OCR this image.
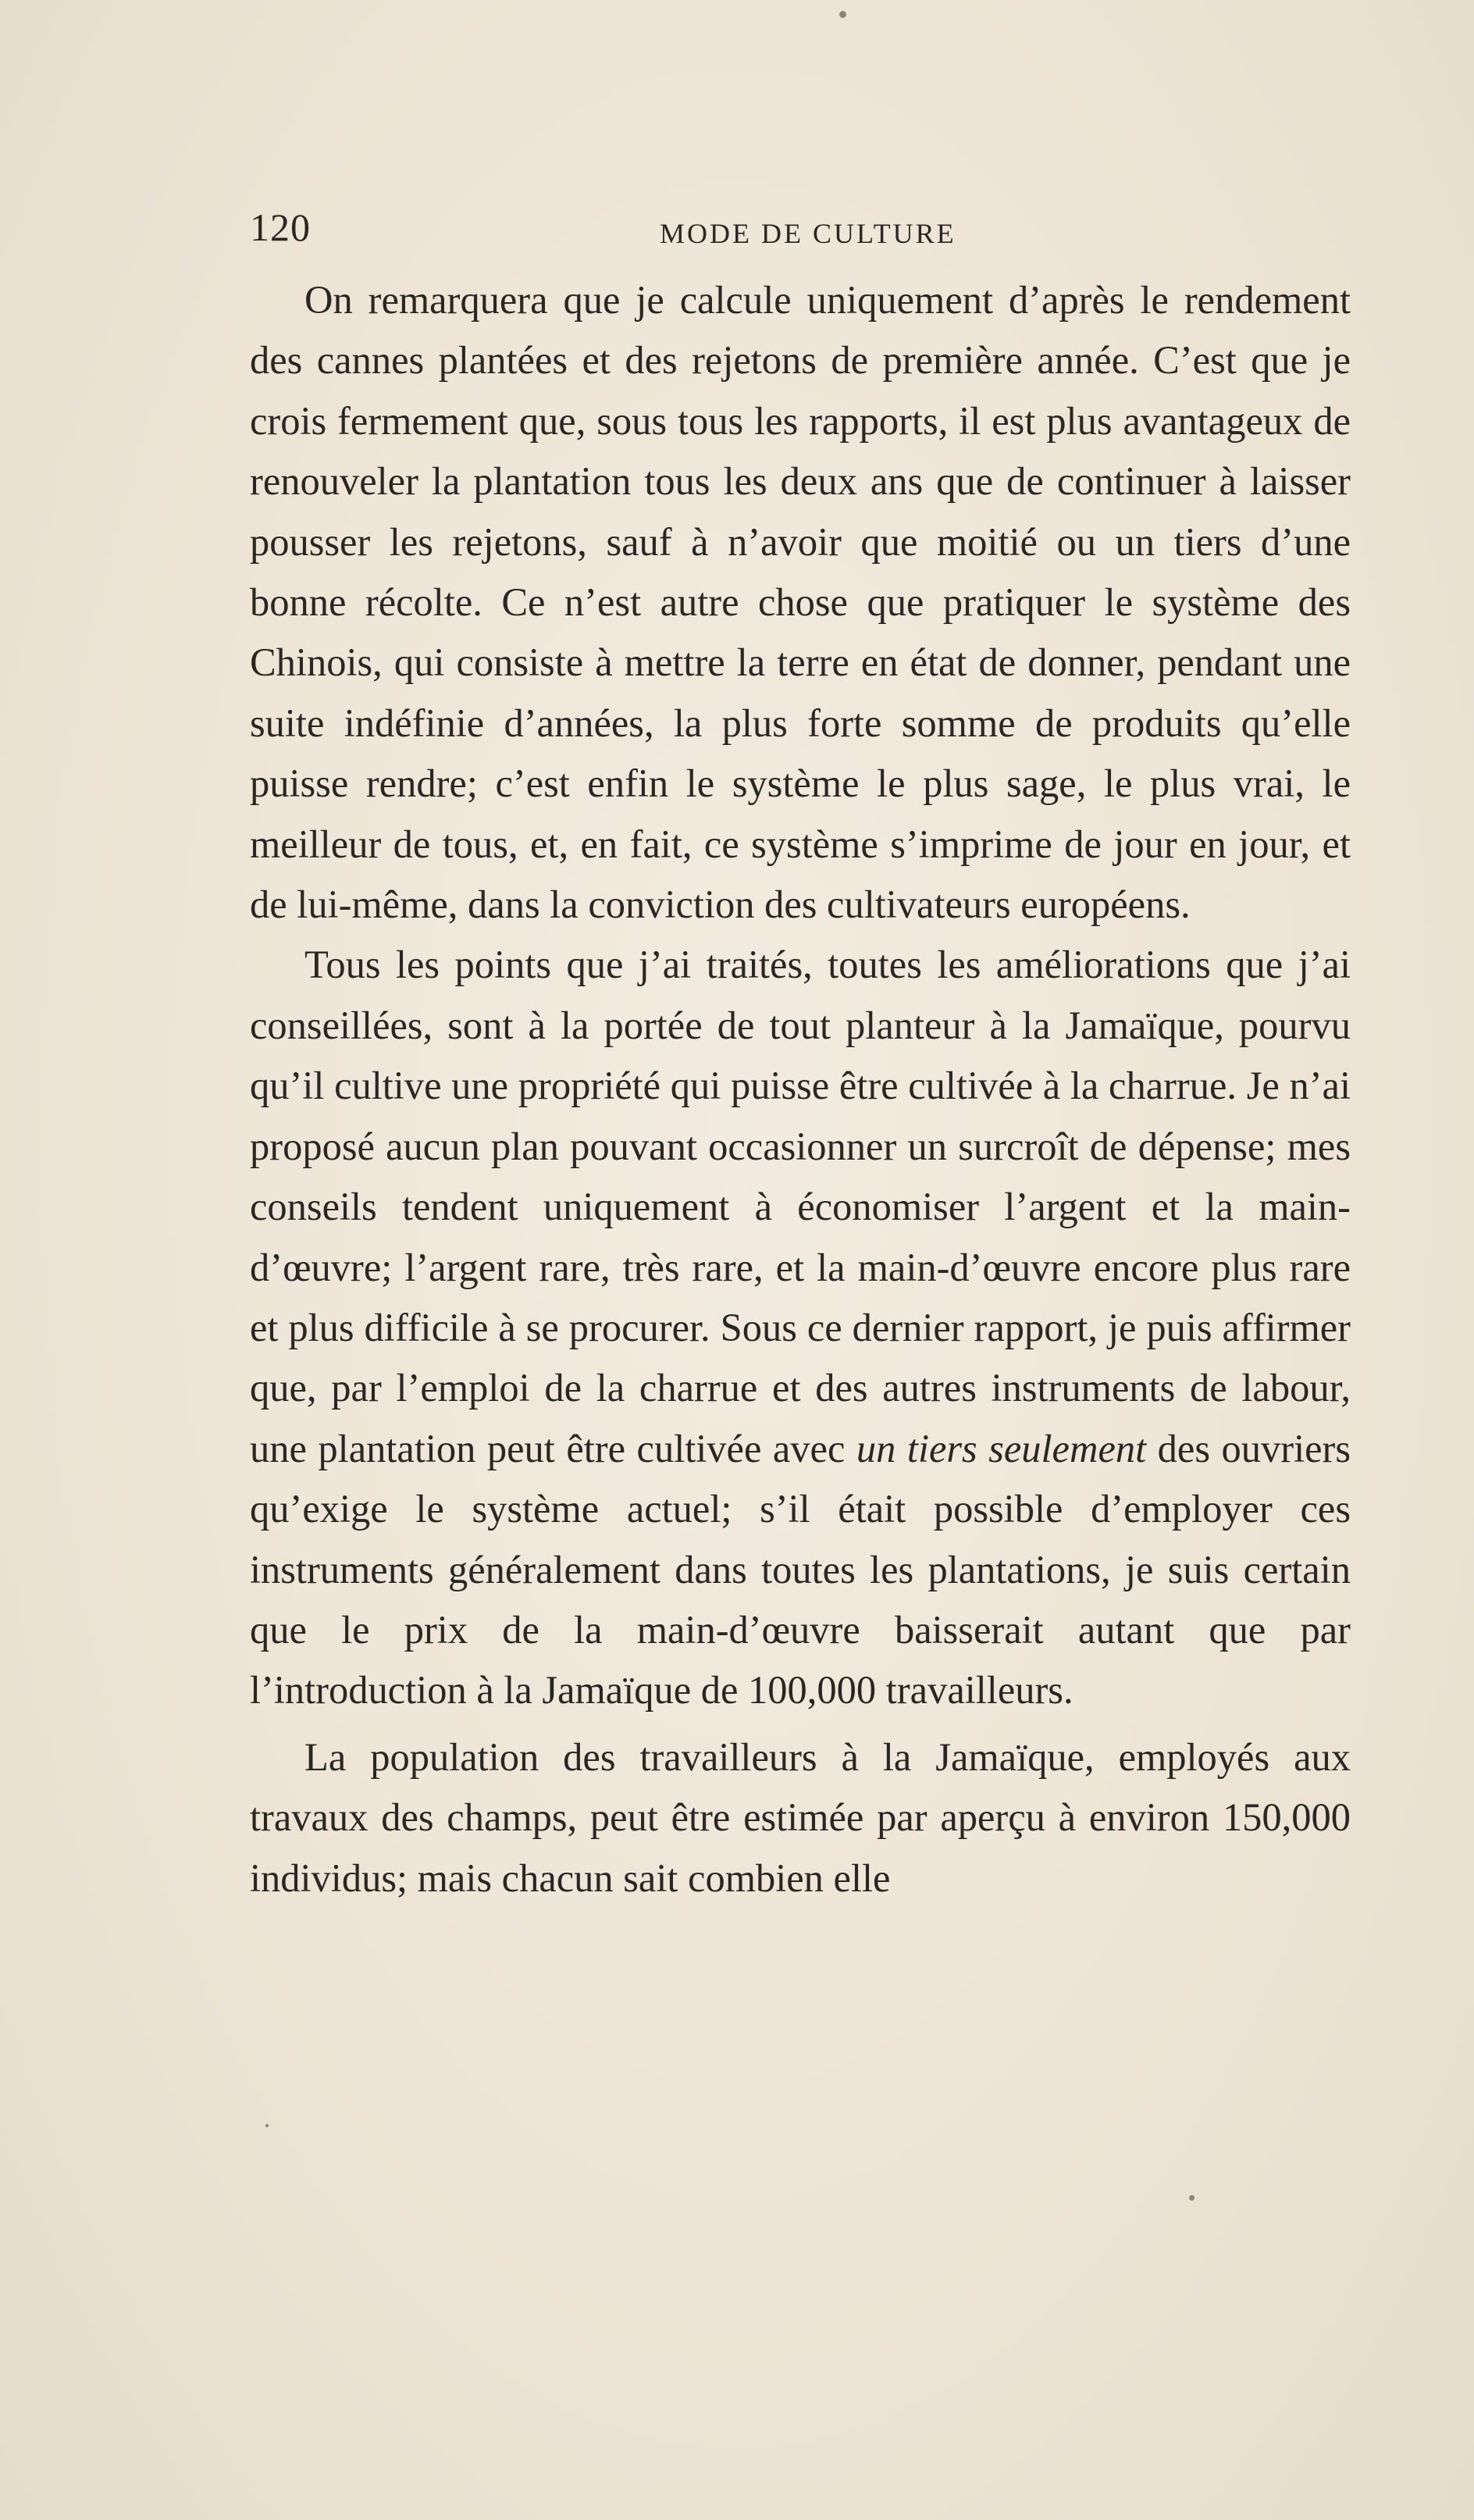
120	MODE DE CULTURE

On remarquera que je calcule uniquement d’après le rendement des cannes plantées et des rejetons de première année. C’est que je crois fermement que, sous tous les rapports, il est plus avantageux de renouveler la plantation tous les deux ans que de continuer à laisser pousser les rejetons, sauf à n’avoir que moitié ou un tiers d’une bonne récolte. Ce n’est autre chose que pratiquer le système des Chinois, qui consiste à mettre la terre en état de donner, pendant une suite indéfinie d’années, la plus forte somme de produits qu’elle puisse rendre; c’est enfin le système le plus sage, le plus vrai, le meilleur de tous, et, en fait, ce système s’imprime de jour en jour, et de lui-même, dans la conviction des cultivateurs européens.

Tous les points que j’ai traités, toutes les améliorations que j’ai conseillées, sont à la portée de tout planteur à la Jamaïque, pourvu qu’il cultive une propriété qui puisse être cultivée à la charrue. Je n’ai proposé aucun plan pouvant occasionner un surcroît de dépense; mes conseils tendent uniquement à économiser l’argent et la main-d’œuvre; l’argent rare, très rare, et la main-d’œuvre encore plus rare et plus difficile à se procurer. Sous ce dernier rapport, je puis affirmer que, par l’emploi de la charrue et des autres instruments de labour, une plantation peut être cultivée avec un tiers seulement des ouvriers qu’exige le système actuel; s’il était possible d’employer ces instruments généralement dans toutes les plantations, je suis certain que le prix de la main-d’œuvre baisserait autant que par l’introduction à la Jamaïque de 100,000 travailleurs.

La population des travailleurs à la Jamaïque, employés aux travaux des champs, peut être estimée par aperçu à environ 150,000 individus; mais chacun sait combien elle
